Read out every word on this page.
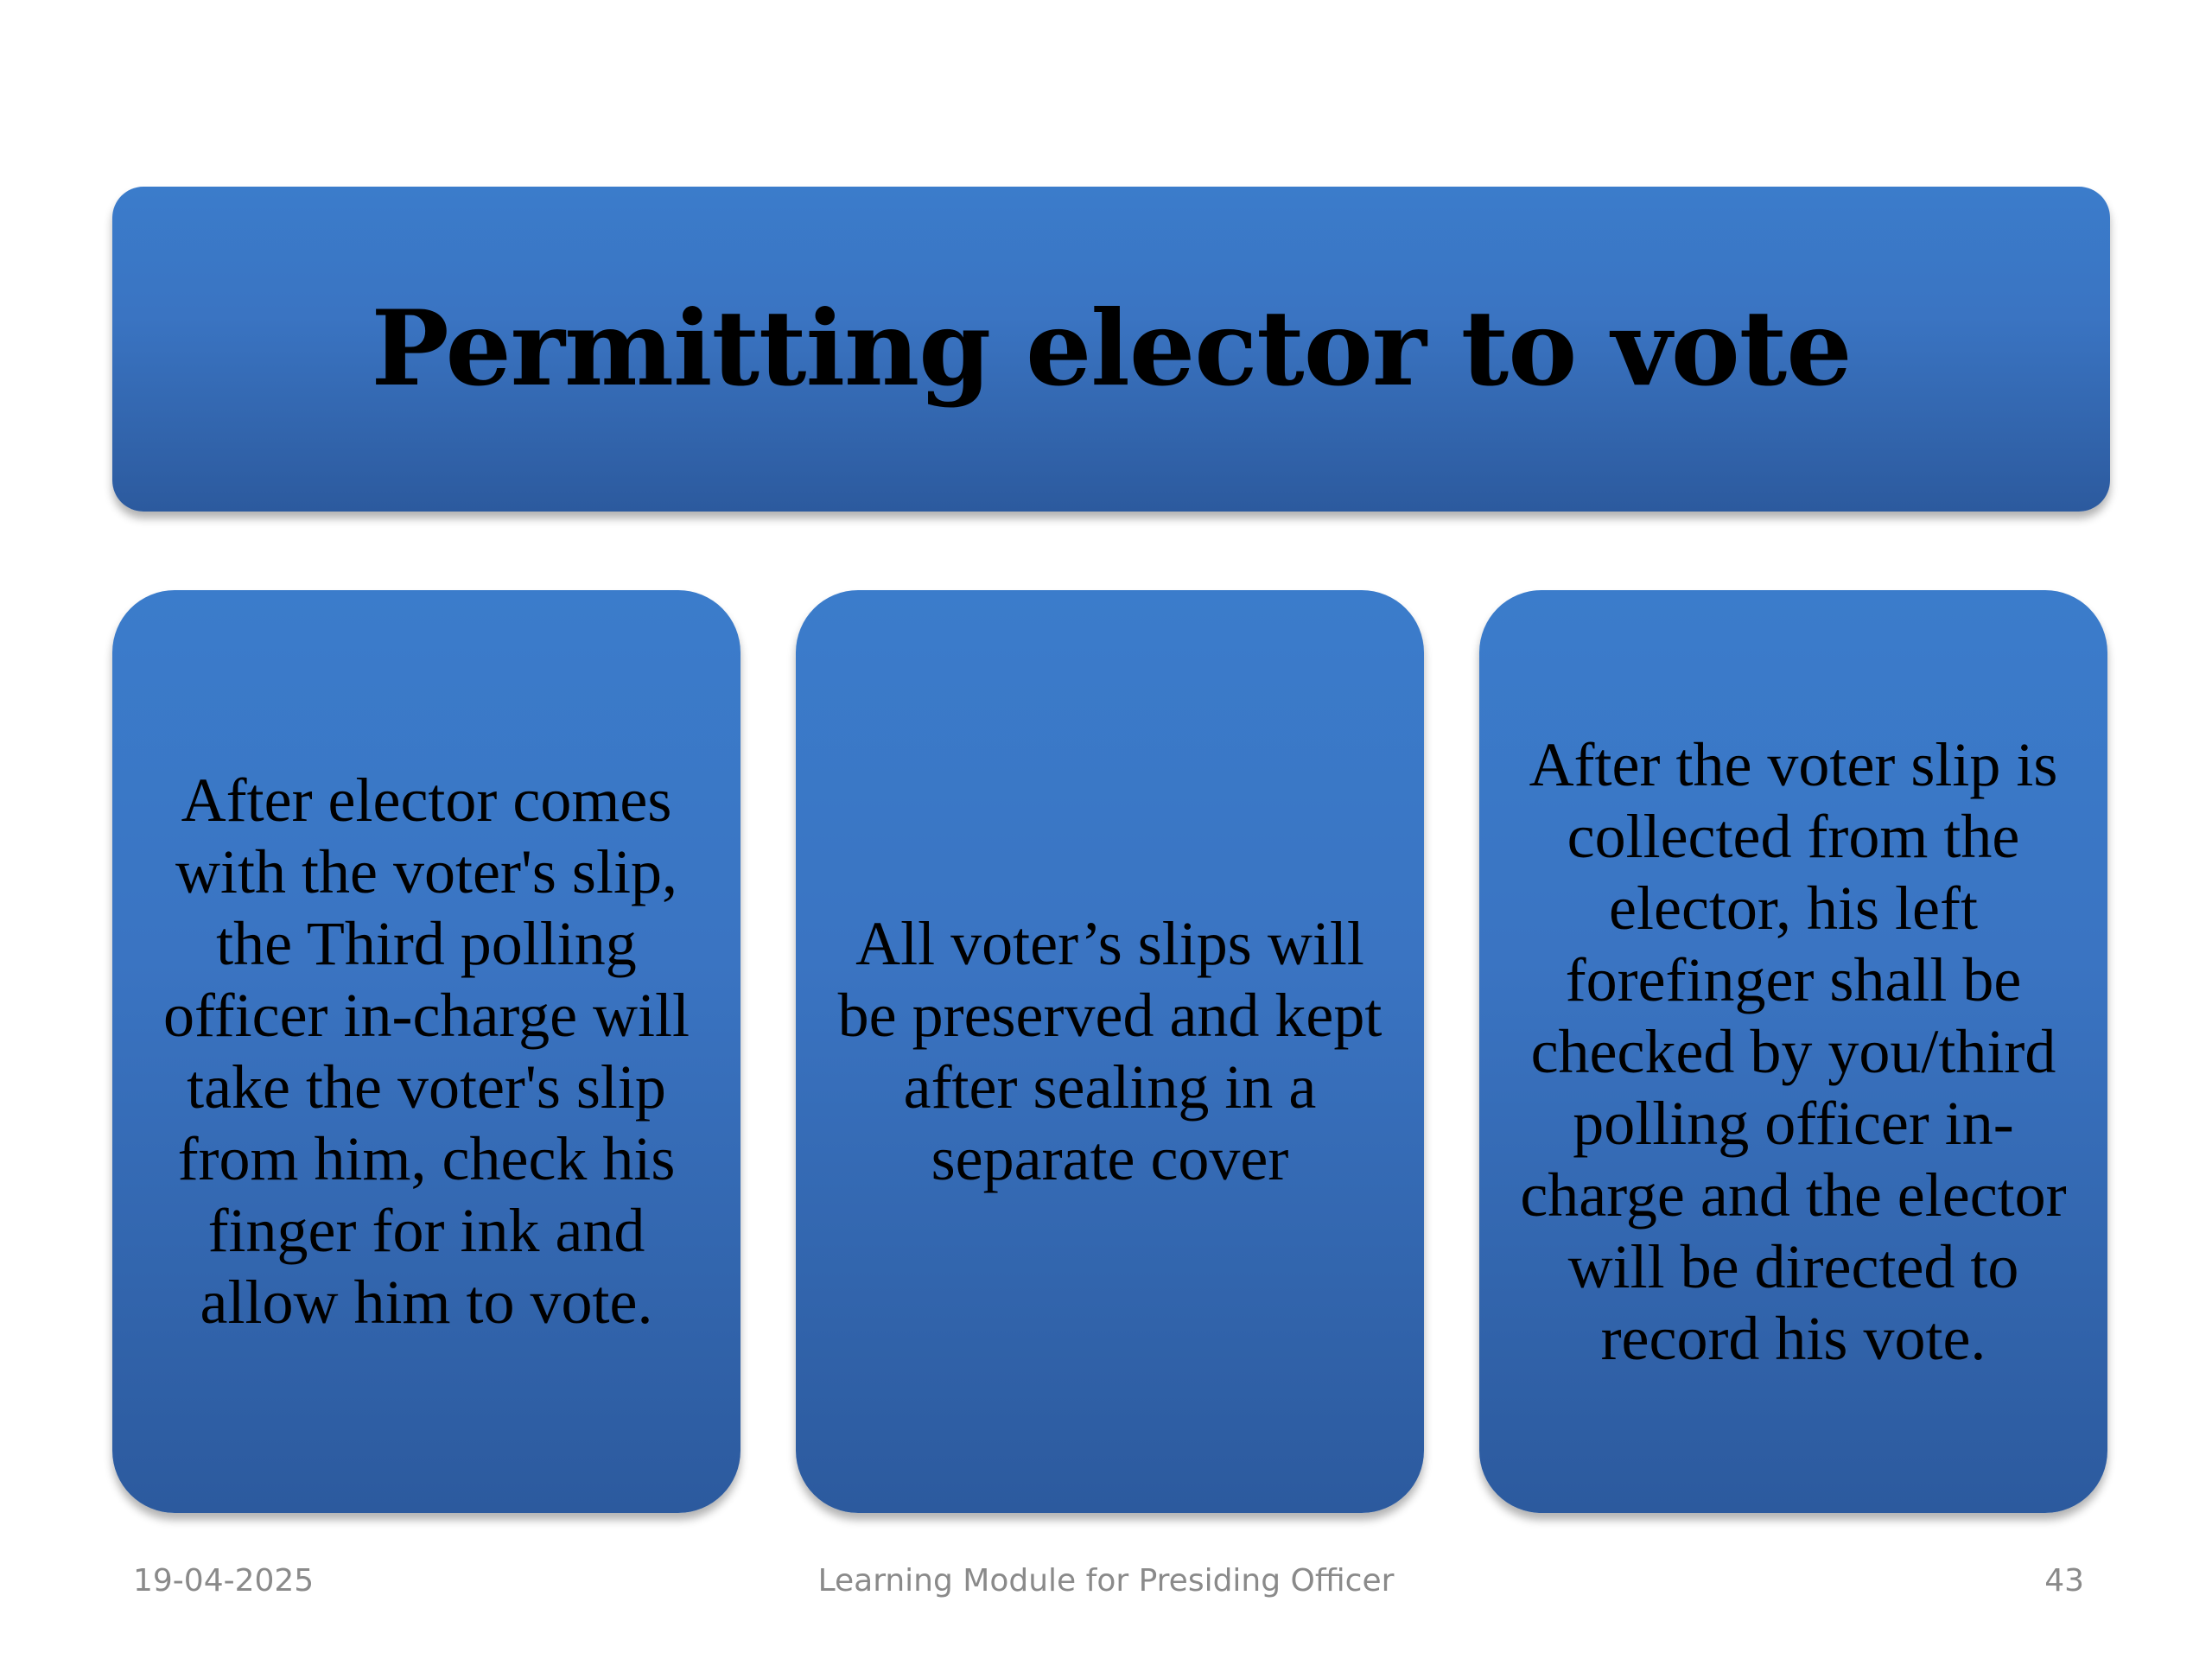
Permitting elector to vote

After elector comes with the voter's slip, the Third polling officer in-charge will take the voter's slip from him, check his finger for ink and allow him to vote.

All voter’s slips will be preserved and kept after sealing in a separate cover

After the voter slip is collected from the elector, his left forefinger shall be checked by you/third polling officer in-charge and the elector will be directed to record his vote.

Learning Module for Presiding Officer

19-04-2025	43
